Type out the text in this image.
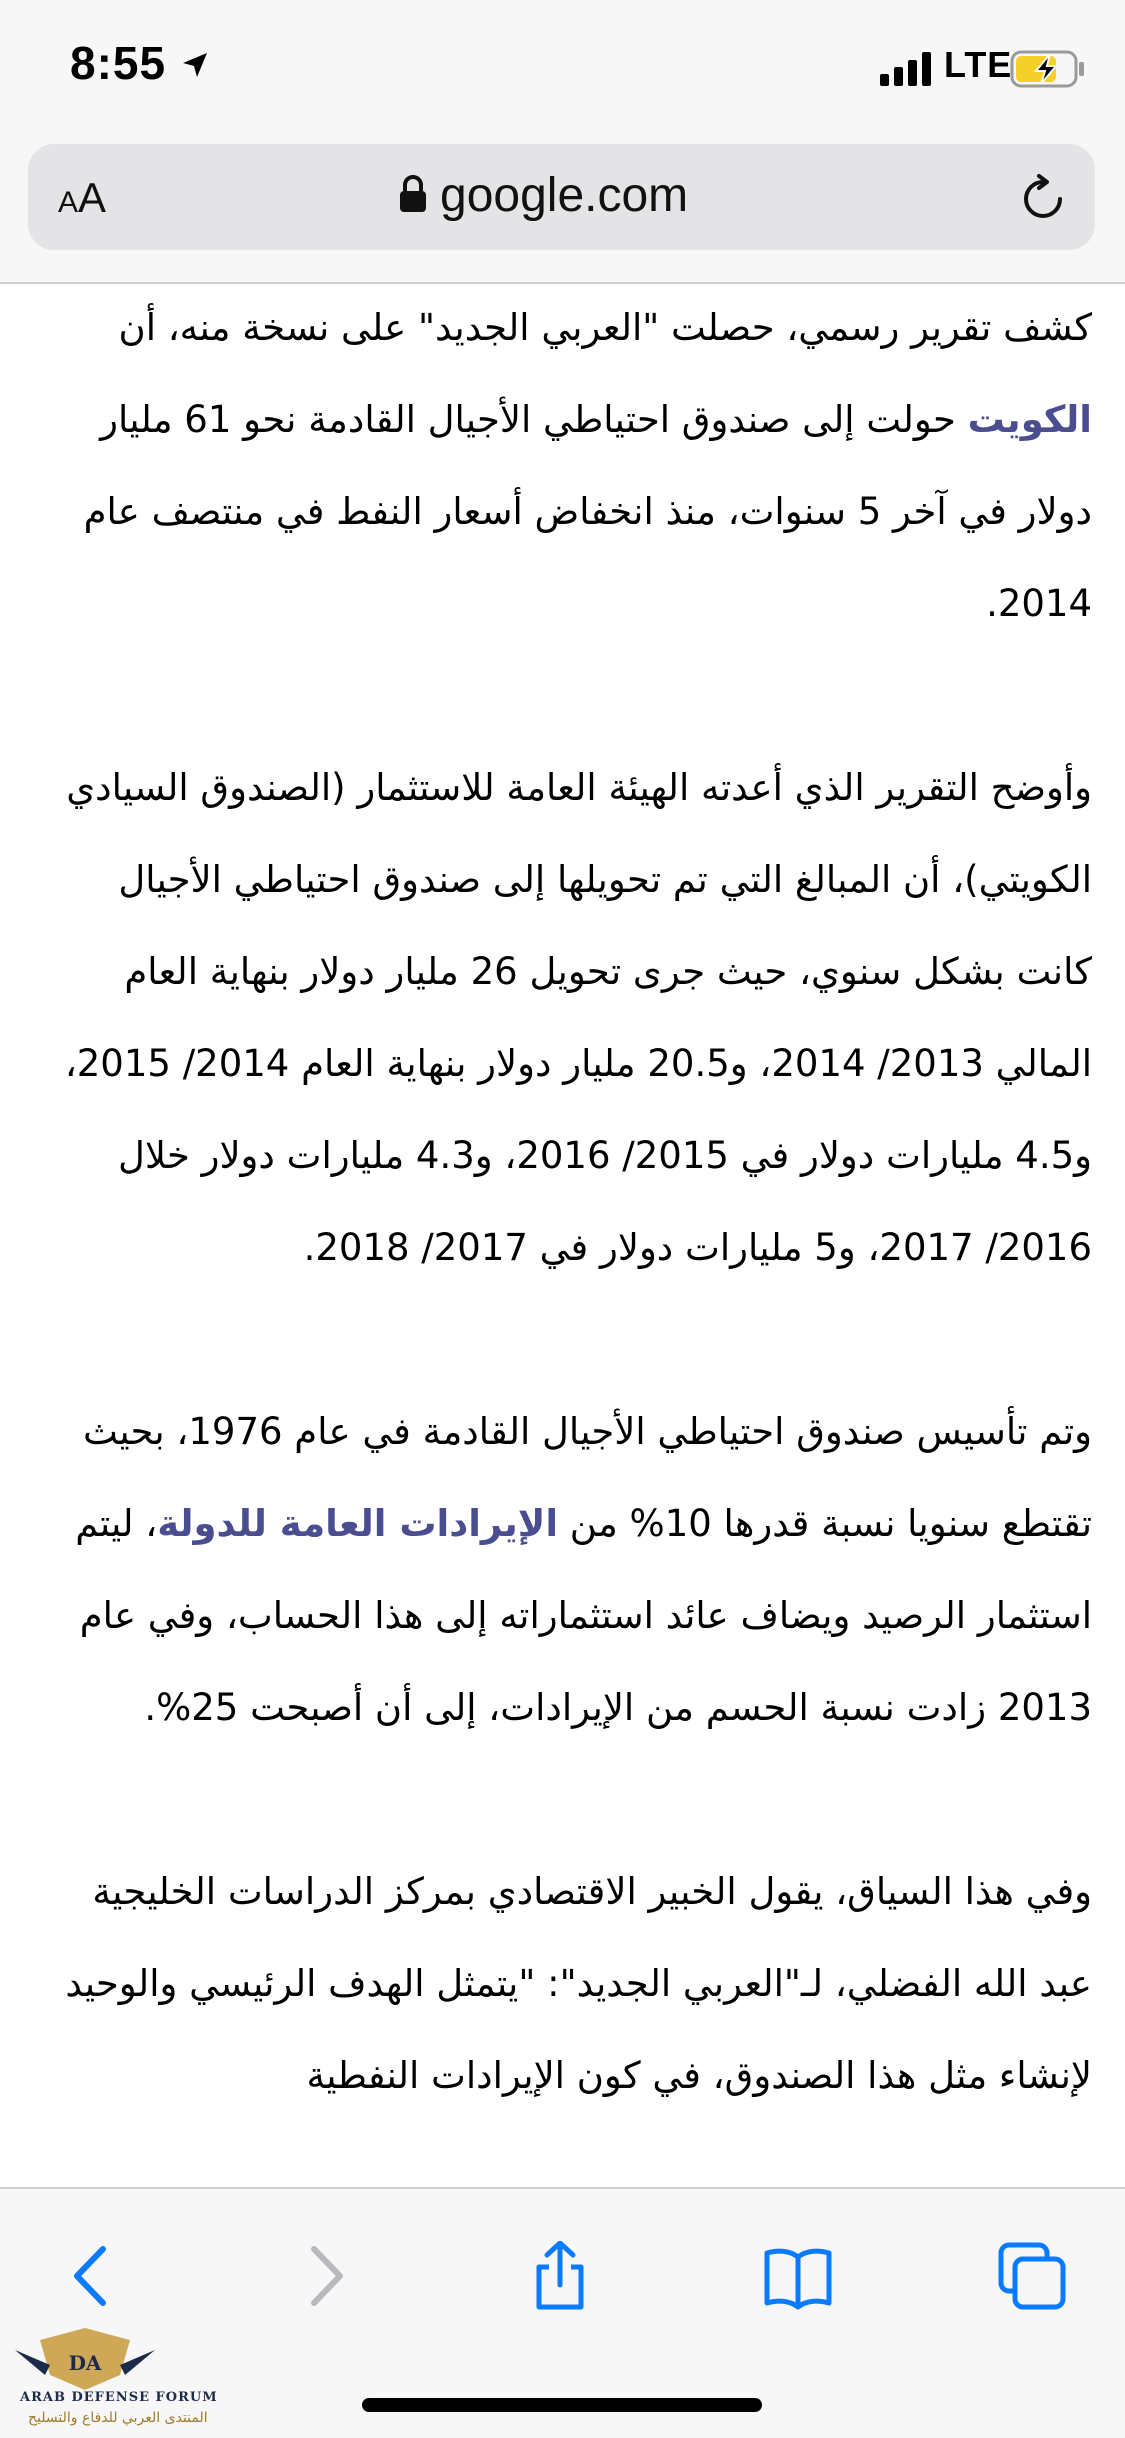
8:55	LTE
AA	google.com

كشف تقرير رسمي، حصلت "العربي الجديد" على نسخة منه، أن الكويت حولت إلى صندوق احتياطي الأجيال القادمة نحو 61 مليار دولار في آخر 5 سنوات، منذ انخفاض أسعار النفط في منتصف عام 2014.

وأوضح التقرير الذي أعدته الهيئة العامة للاستثمار (الصندوق السيادي الكويتي)، أن المبالغ التي تم تحويلها إلى صندوق احتياطي الأجيال كانت بشكل سنوي، حيث جرى تحويل 26 مليار دولار بنهاية العام المالي 2013/ 2014، و20.5 مليار دولار بنهاية العام 2014/ 2015، و4.5 مليارات دولار في 2015/ 2016، و4.3 مليارات دولار خلال 2016/ 2017، و5 مليارات دولار في 2017/ 2018.

وتم تأسيس صندوق احتياطي الأجيال القادمة في عام 1976، بحيث تقتطع سنويا نسبة قدرها 10% من الإيرادات العامة للدولة، ليتم استثمار الرصيد ويضاف عائد استثماراته إلى هذا الحساب، وفي عام 2013 زادت نسبة الحسم من الإيرادات، إلى أن أصبحت 25%.

وفي هذا السياق، يقول الخبير الاقتصادي بمركز الدراسات الخليجية عبد الله الفضلي، لـ"العربي الجديد": "يتمثل الهدف الرئيسي والوحيد لإنشاء مثل هذا الصندوق، في كون الإيرادات النفطية

DA
ARAB DEFENSE FORUM
المنتدى العربي للدفاع والتسليح
